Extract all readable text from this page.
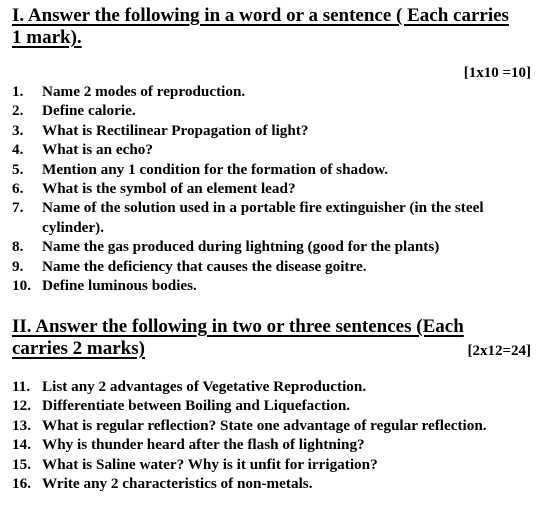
I. Answer the following in a word or a sentence ( Each carries
1 mark).
[1x10 =10]
1.	Name 2 modes of reproduction.
2.	Define calorie.
3.	What is Rectilinear Propagation of light?
4.	What is an echo?
5.	Mention any 1 condition for the formation of shadow.
6.	What is the symbol of an element lead?
7.	Name of the solution used in a portable fire extinguisher (in the steel cylinder).
8.	Name the gas produced during lightning (good for the plants)
9.	Name the deficiency that causes the disease goitre.
10. Define luminous bodies.
II. Answer the following in two or three sentences (Each
carries 2 marks)	[2x12=24]
11. List any 2 advantages of Vegetative Reproduction.
12. Differentiate between Boiling and Liquefaction.
13. What is regular reflection? State one advantage of regular reflection.
14. Why is thunder heard after the flash of lightning?
15. What is Saline water? Why is it unfit for irrigation?
16. Write any 2 characteristics of non-metals.
